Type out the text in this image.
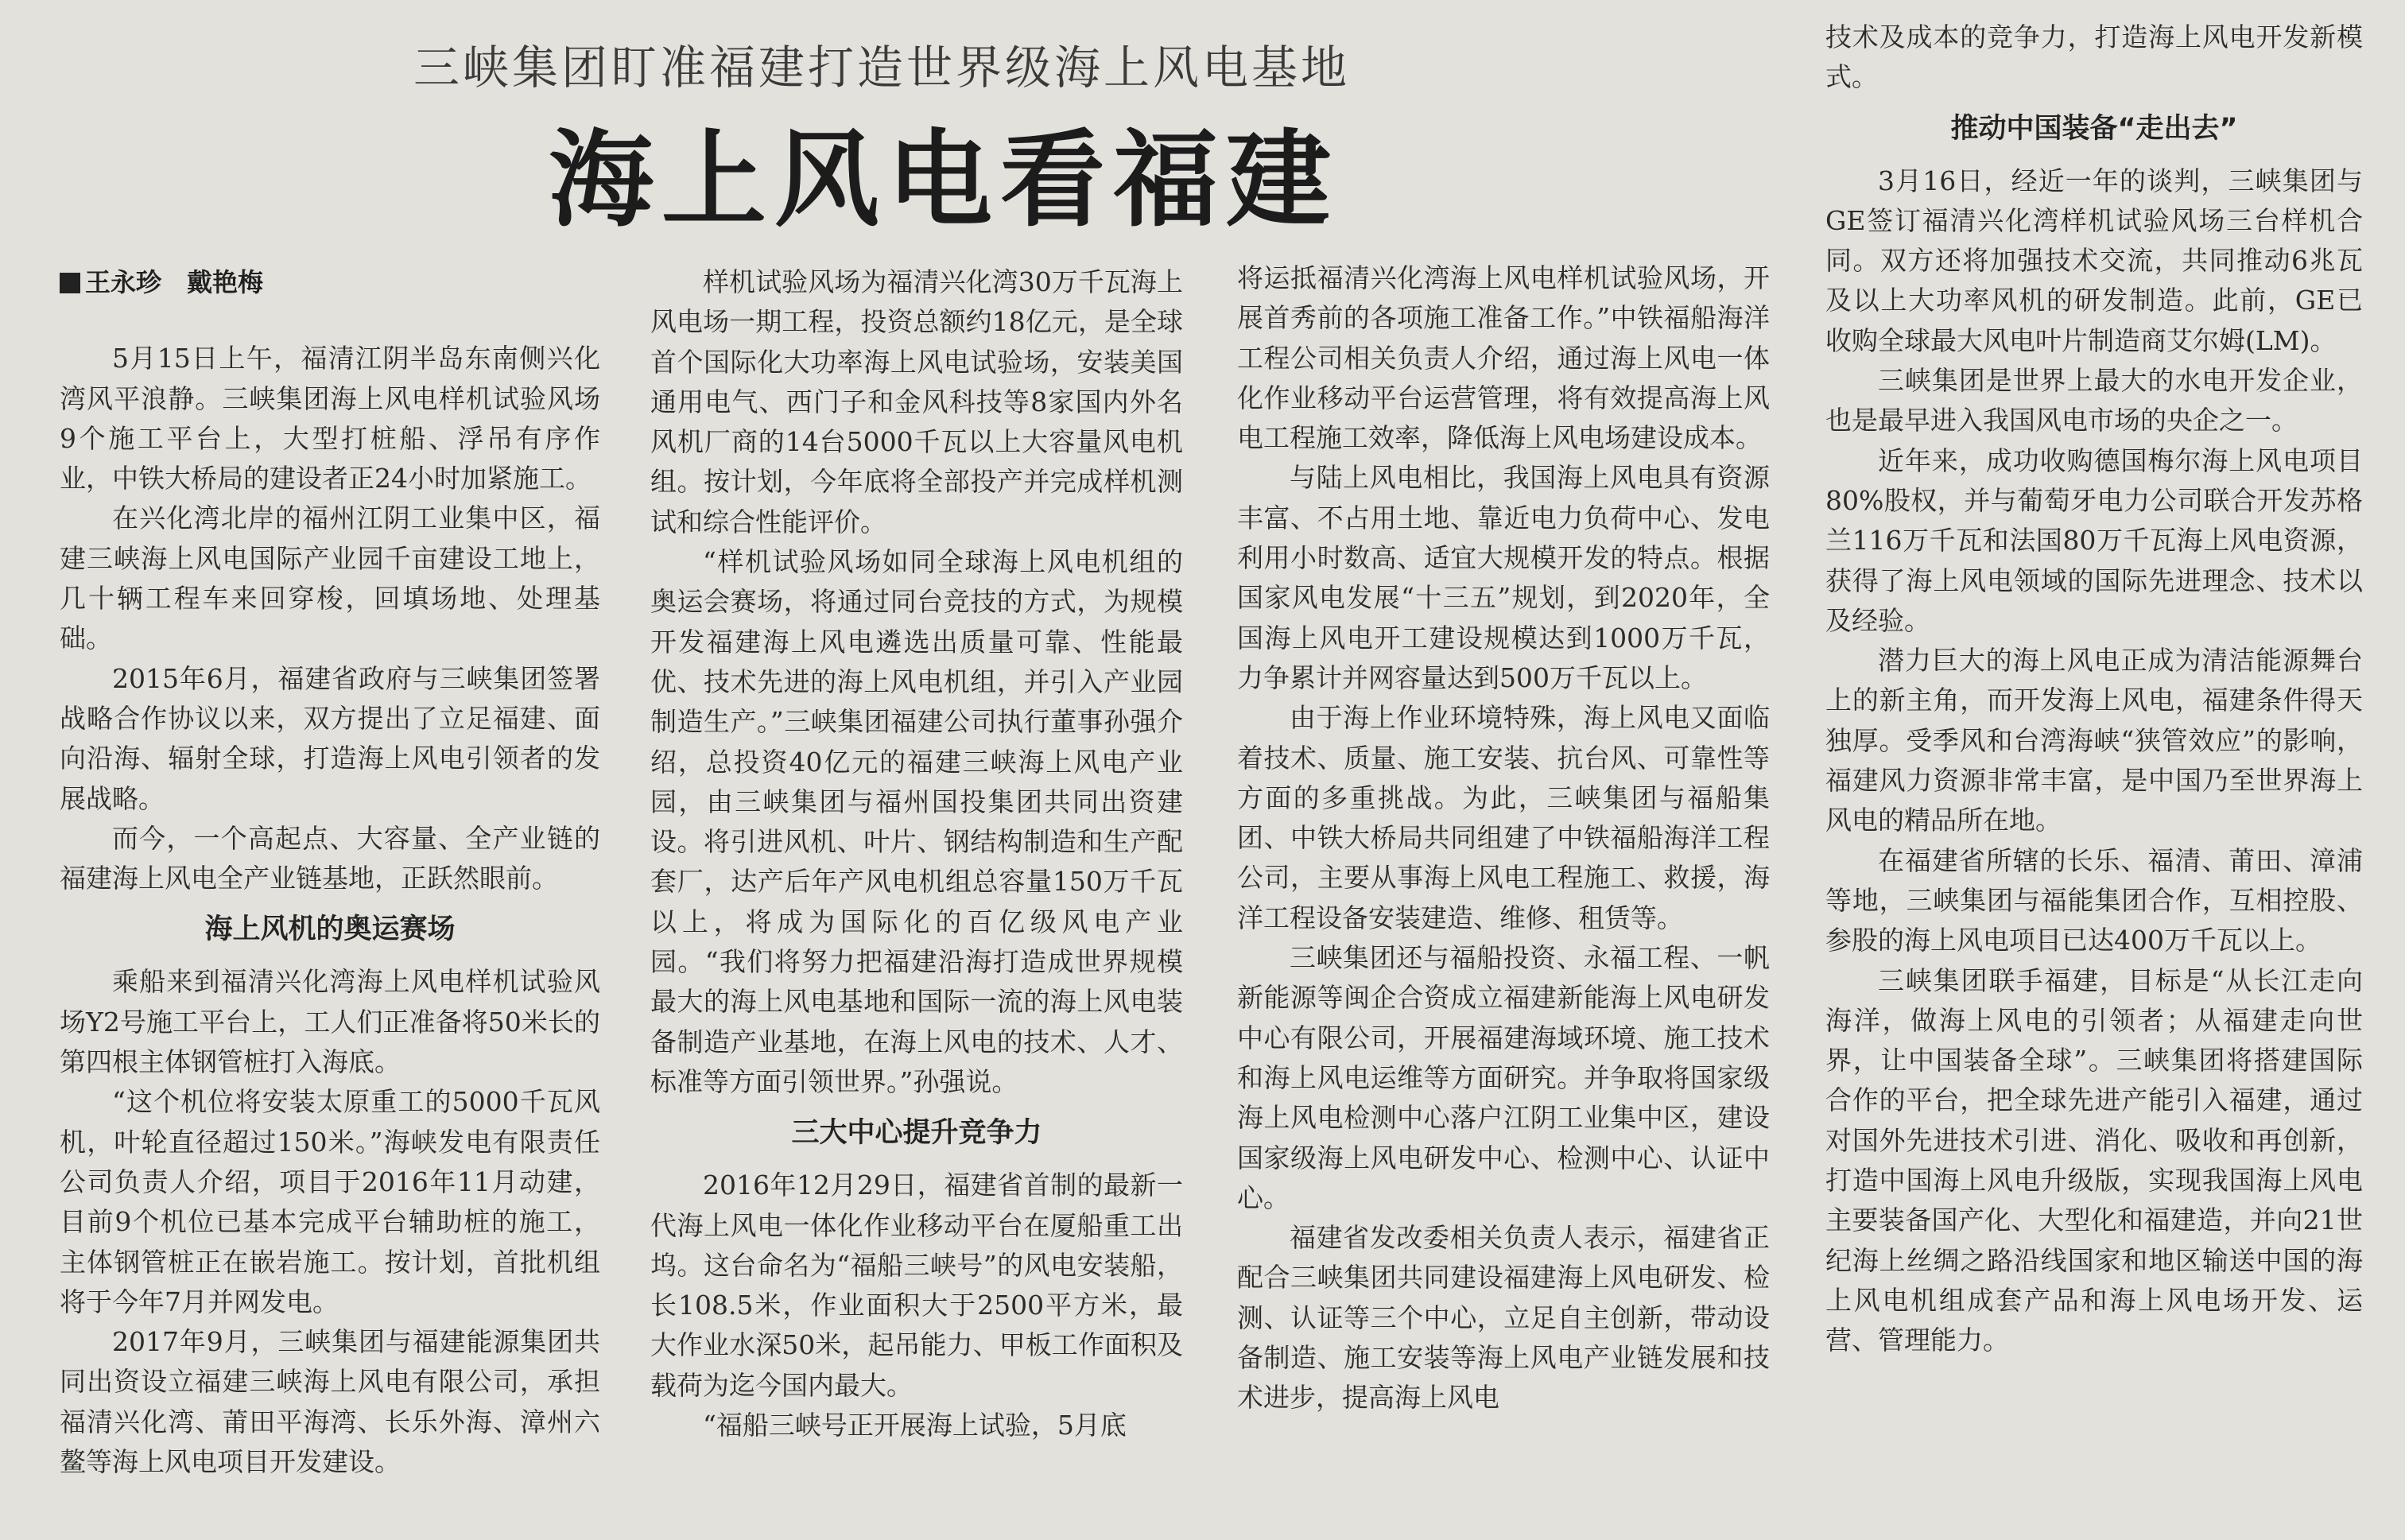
三峡集团盯准福建打造世界级海上风电基地
海上风电看福建
王永珍　戴艳梅

5月15日上午，福清江阴半岛东南侧兴化湾风平浪静。三峡集团海上风电样机试验风场9个施工平台上，大型打桩船、浮吊有序作业，中铁大桥局的建设者正24小时加紧施工。

在兴化湾北岸的福州江阴工业集中区，福建三峡海上风电国际产业园千亩建设工地上，几十辆工程车来回穿梭，回填场地、处理基础。

2015年6月，福建省政府与三峡集团签署战略合作协议以来，双方提出了立足福建、面向沿海、辐射全球，打造海上风电引领者的发展战略。

而今，一个高起点、大容量、全产业链的福建海上风电全产业链基地，正跃然眼前。

海上风机的奥运赛场

乘船来到福清兴化湾海上风电样机试验风场Y2号施工平台上，工人们正准备将50米长的第四根主体钢管桩打入海底。

“这个机位将安装太原重工的5000千瓦风机，叶轮直径超过150米。”海峡发电有限责任公司负责人介绍，项目于2016年11月动建，目前9个机位已基本完成平台辅助桩的施工，主体钢管桩正在嵌岩施工。按计划，首批机组将于今年7月并网发电。

2017年9月，三峡集团与福建能源集团共同出资设立福建三峡海上风电有限公司，承担福清兴化湾、莆田平海湾、长乐外海、漳州六鳌等海上风电项目开发建设。

样机试验风场为福清兴化湾30万千瓦海上风电场一期工程，投资总额约18亿元，是全球首个国际化大功率海上风电试验场，安装美国通用电气、西门子和金风科技等8家国内外名风机厂商的14台5000千瓦以上大容量风电机组。按计划，今年底将全部投产并完成样机测试和综合性能评价。

“样机试验风场如同全球海上风电机组的奥运会赛场，将通过同台竞技的方式，为规模开发福建海上风电遴选出质量可靠、性能最优、技术先进的海上风电机组，并引入产业园制造生产。”三峡集团福建公司执行董事孙强介绍，总投资40亿元的福建三峡海上风电产业园，由三峡集团与福州国投集团共同出资建设。将引进风机、叶片、钢结构制造和生产配套厂，达产后年产风电机组总容量150万千瓦以上，将成为国际化的百亿级风电产业园。“我们将努力把福建沿海打造成世界规模最大的海上风电基地和国际一流的海上风电装备制造产业基地，在海上风电的技术、人才、标准等方面引领世界。”孙强说。

三大中心提升竞争力

2016年12月29日，福建省首制的最新一代海上风电一体化作业移动平台在厦船重工出坞。这台命名为“福船三峡号”的风电安装船，长108.5米，作业面积大于2500平方米，最大作业水深50米，起吊能力、甲板工作面积及载荷为迄今国内最大。

“福船三峡号正开展海上试验，5月底

将运抵福清兴化湾海上风电样机试验风场，开展首秀前的各项施工准备工作。”中铁福船海洋工程公司相关负责人介绍，通过海上风电一体化作业移动平台运营管理，将有效提高海上风电工程施工效率，降低海上风电场建设成本。

与陆上风电相比，我国海上风电具有资源丰富、不占用土地、靠近电力负荷中心、发电利用小时数高、适宜大规模开发的特点。根据国家风电发展“十三五”规划，到2020年，全国海上风电开工建设规模达到1000万千瓦，力争累计并网容量达到500万千瓦以上。

由于海上作业环境特殊，海上风电又面临着技术、质量、施工安装、抗台风、可靠性等方面的多重挑战。为此，三峡集团与福船集团、中铁大桥局共同组建了中铁福船海洋工程公司，主要从事海上风电工程施工、救援，海洋工程设备安装建造、维修、租赁等。

三峡集团还与福船投资、永福工程、一帆新能源等闽企合资成立福建新能海上风电研发中心有限公司，开展福建海域环境、施工技术和海上风电运维等方面研究。并争取将国家级海上风电检测中心落户江阴工业集中区，建设国家级海上风电研发中心、检测中心、认证中心。

福建省发改委相关负责人表示，福建省正配合三峡集团共同建设福建海上风电研发、检测、认证等三个中心，立足自主创新，带动设备制造、施工安装等海上风电产业链发展和技术进步，提高海上风电

技术及成本的竞争力，打造海上风电开发新模式。

推动中国装备“走出去”

3月16日，经近一年的谈判，三峡集团与GE签订福清兴化湾样机试验风场三台样机合同。双方还将加强技术交流，共同推动6兆瓦及以上大功率风机的研发制造。此前，GE已收购全球最大风电叶片制造商艾尔姆(LM)。

三峡集团是世界上最大的水电开发企业，也是最早进入我国风电市场的央企之一。

近年来，成功收购德国梅尔海上风电项目80%股权，并与葡萄牙电力公司联合开发苏格兰116万千瓦和法国80万千瓦海上风电资源，获得了海上风电领域的国际先进理念、技术以及经验。

潜力巨大的海上风电正成为清洁能源舞台上的新主角，而开发海上风电，福建条件得天独厚。受季风和台湾海峡“狭管效应”的影响，福建风力资源非常丰富，是中国乃至世界海上风电的精品所在地。

在福建省所辖的长乐、福清、莆田、漳浦等地，三峡集团与福能集团合作，互相控股、参股的海上风电项目已达400万千瓦以上。

三峡集团联手福建，目标是“从长江走向海洋，做海上风电的引领者；从福建走向世界，让中国装备全球”。三峡集团将搭建国际合作的平台，把全球先进产能引入福建，通过对国外先进技术引进、消化、吸收和再创新，打造中国海上风电升级版，实现我国海上风电主要装备国产化、大型化和福建造，并向21世纪海上丝绸之路沿线国家和地区输送中国的海上风电机组成套产品和海上风电场开发、运营、管理能力。
